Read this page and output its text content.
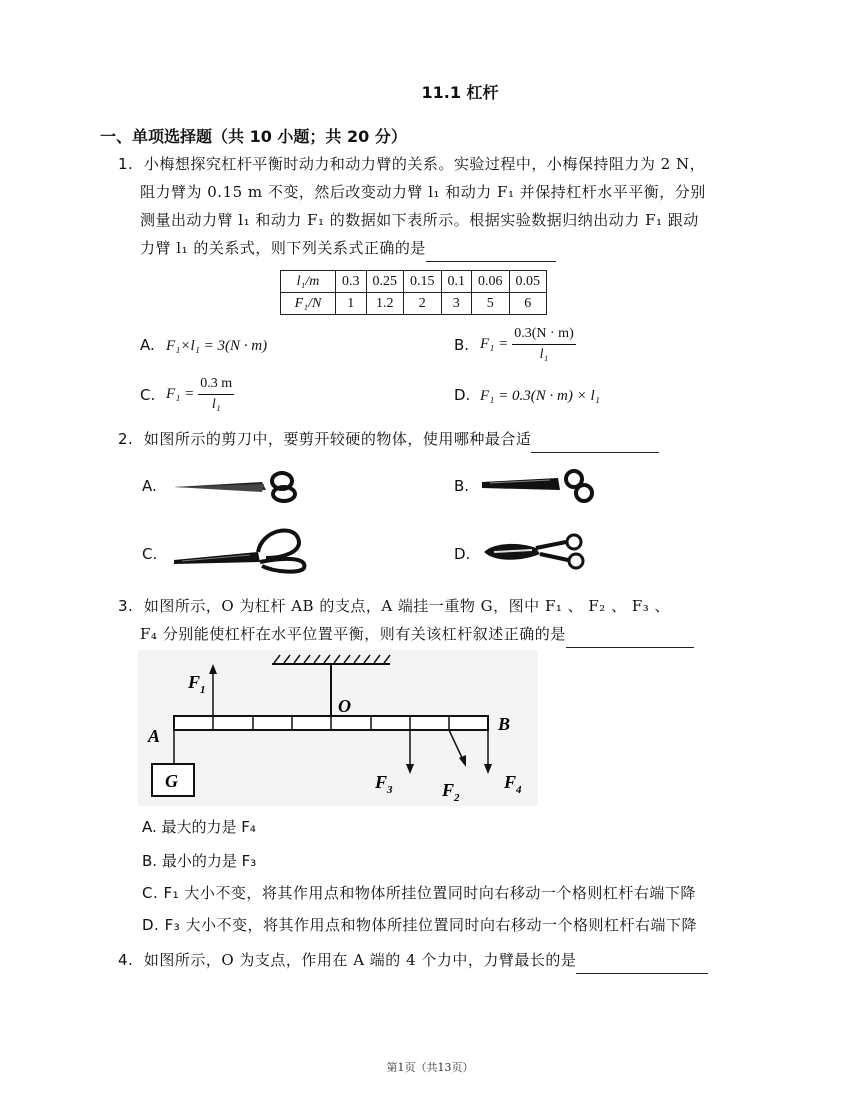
11.1 杠杆
一、单项选择题（共 10 小题；共 20 分）
1. 小梅想探究杠杆平衡时动力和动力臂的关系。实验过程中，小梅保持阻力为 2 N，
阻力臂为 0.15 m 不变，然后改变动力臂 l₁ 和动力 F₁ 并保持杠杆水平平衡，分别
测量出动力臂 l₁ 和动力 F₁ 的数据如下表所示。根据实验数据归纳出动力 F₁ 跟动
力臂 l₁ 的关系式，则下列关系式正确的是
l₁/m	0.3	0.25	0.15	0.1	0.06	0.05
F₁/N	1	1.2	2	3	5	6
A. F₁×l₁ = 3(N · m)	B. $F_1 = \frac{0.3(N \cdot m)}{\text{l₁}}$
C. $F_1 = \frac{0.3 m}{\text{l₁}}$	D. F₁ = 0.3(N · m) × l₁
2. 如图所示的剪刀中，要剪开较硬的物体，使用哪种最合适
A.	B.
C.	D.
3. 如图所示，O 为杠杆 AB 的支点，A 端挂一重物 G，图中 F₁ 、 F₂ 、 F₃ 、
F₄ 分别能使杠杆在水平位置平衡，则有关该杠杆叙述正确的是
$F_1$
O
A
B
G	$F_3$	$F_2$
$F_4$
A. 最大的力是 F₄
B. 最小的力是 F₃
C. F₁ 大小不变，将其作用点和物体所挂位置同时向右移动一个格则杠杆右端下降
D. F₃ 大小不变，将其作用点和物体所挂位置同时向右移动一个格则杠杆右端下降
4. 如图所示，O 为支点，作用在 A 端的 4 个力中，力臂最长的是
第1页（共13页）
